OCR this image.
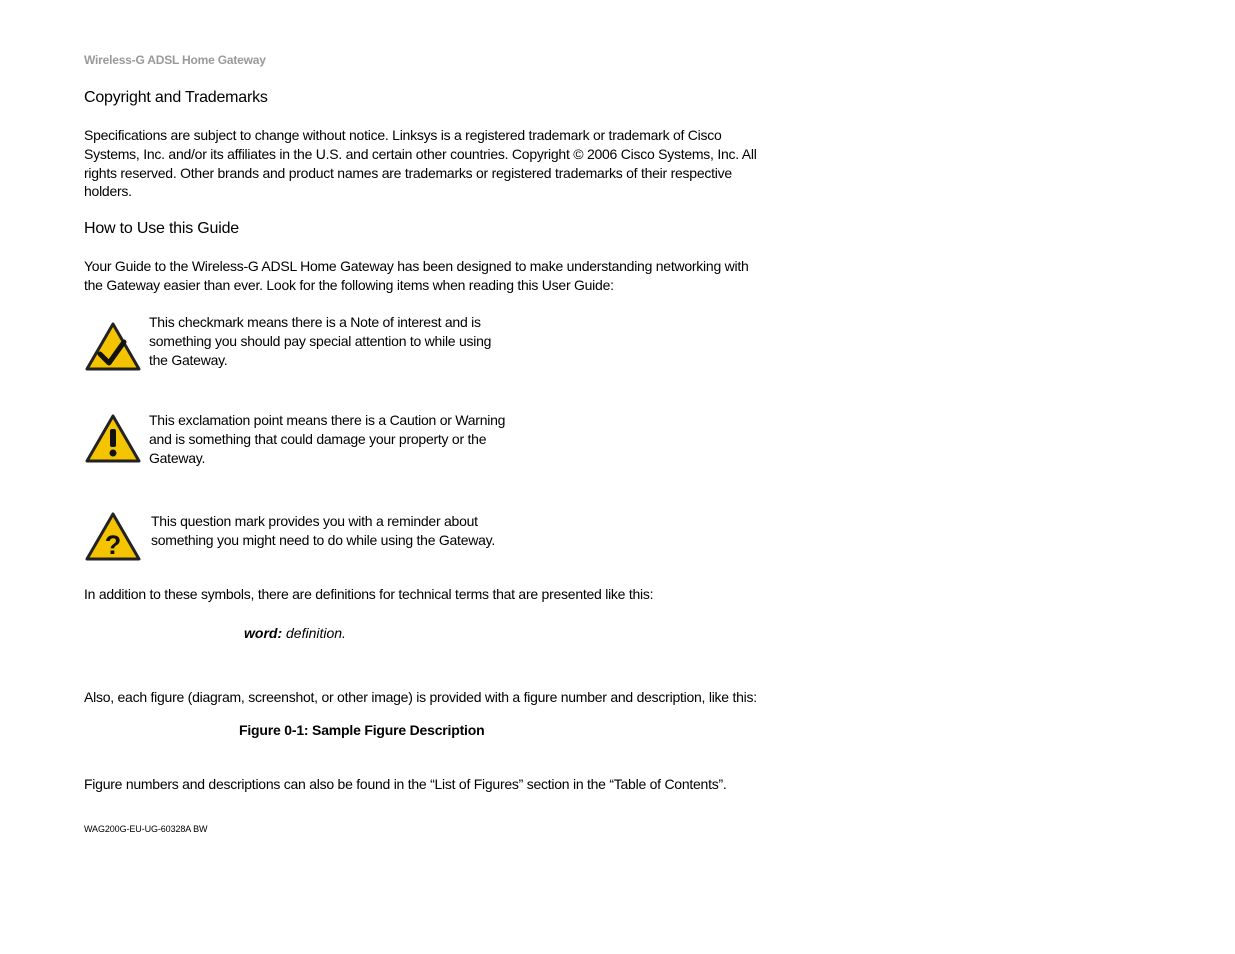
Wireless-G ADSL Home Gateway
Copyright and Trademarks
Specifications are subject to change without notice. Linksys is a registered trademark or trademark of Cisco Systems, Inc. and/or its affiliates in the U.S. and certain other countries. Copyright © 2006 Cisco Systems, Inc. All rights reserved. Other brands and product names are trademarks or registered trademarks of their respective holders.
How to Use this Guide
Your Guide to the Wireless-G ADSL Home Gateway has been designed to make understanding networking with the Gateway easier than ever. Look for the following items when reading this User Guide:
This checkmark means there is a Note of interest and is something you should pay special attention to while using the Gateway.
This exclamation point means there is a Caution or Warning and is something that could damage your property or the Gateway.
?
This question mark provides you with a reminder about something you might need to do while using the Gateway.
In addition to these symbols, there are definitions for technical terms that are presented like this:
word: definition.
Also, each figure (diagram, screenshot, or other image) is provided with a figure number and description, like this:
Figure 0-1: Sample Figure Description
Figure numbers and descriptions can also be found in the “List of Figures” section in the “Table of Contents”.
WAG200G-EU-UG-60328A BW
